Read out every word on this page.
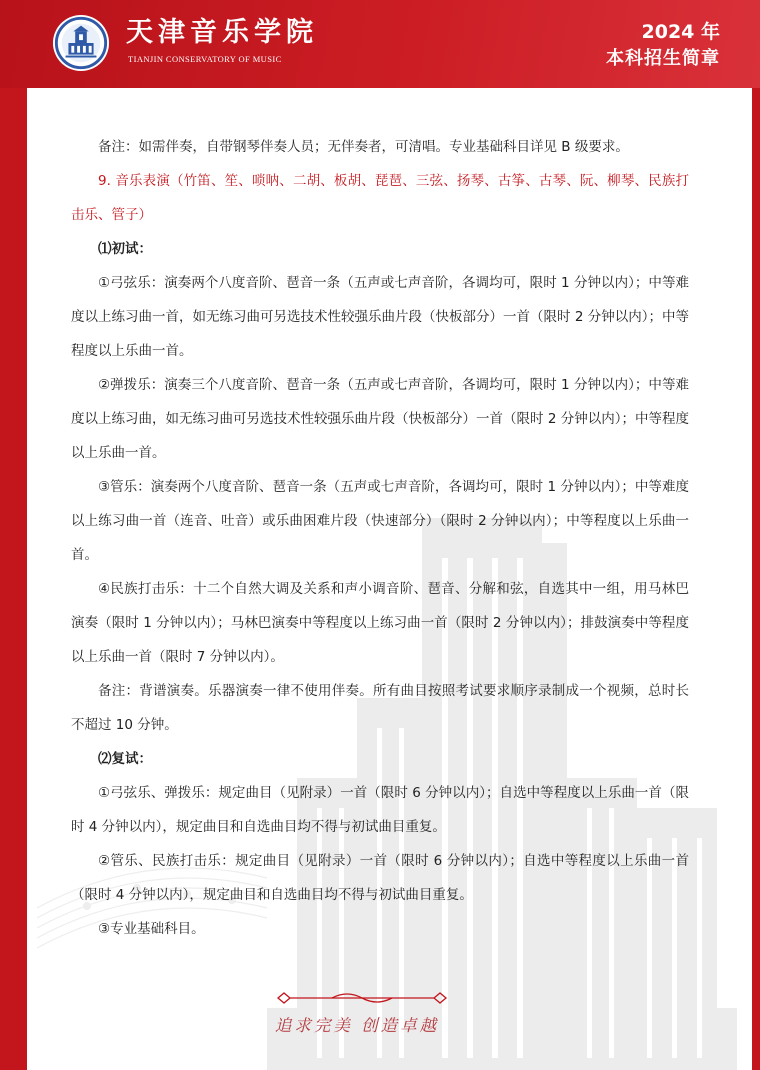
天津音乐学院
TIANJIN CONSERVATORY OF MUSIC
2024 年
本科招生简章

备注：如需伴奏，自带钢琴伴奏人员；无伴奏者，可清唱。专业基础科目详见 B 级要求。

9. 音乐表演（竹笛、笙、唢呐、二胡、板胡、琵琶、三弦、扬琴、古筝、古琴、阮、柳琴、民族打击乐、管子）

⑴初试：

①弓弦乐：演奏两个八度音阶、琶音一条（五声或七声音阶，各调均可，限时 1 分钟以内）；中等难度以上练习曲一首，如无练习曲可另选技术性较强乐曲片段（快板部分）一首（限时 2 分钟以内）；中等程度以上乐曲一首。

②弹拨乐：演奏三个八度音阶、琶音一条（五声或七声音阶，各调均可，限时 1 分钟以内）；中等难度以上练习曲，如无练习曲可另选技术性较强乐曲片段（快板部分）一首（限时 2 分钟以内）；中等程度以上乐曲一首。

③管乐：演奏两个八度音阶、琶音一条（五声或七声音阶，各调均可，限时 1 分钟以内）；中等难度以上练习曲一首（连音、吐音）或乐曲困难片段（快速部分）（限时 2 分钟以内）；中等程度以上乐曲一首。

④民族打击乐：十二个自然大调及关系和声小调音阶、琶音、分解和弦，自选其中一组，用马林巴演奏（限时 1 分钟以内）；马林巴演奏中等程度以上练习曲一首（限时 2 分钟以内）；排鼓演奏中等程度以上乐曲一首（限时 7 分钟以内）。

备注：背谱演奏。乐器演奏一律不使用伴奏。所有曲目按照考试要求顺序录制成一个视频，总时长不超过 10 分钟。

⑵复试：

①弓弦乐、弹拨乐：规定曲目（见附录）一首（限时 6 分钟以内）；自选中等程度以上乐曲一首（限时 4 分钟以内），规定曲目和自选曲目均不得与初试曲目重复。

②管乐、民族打击乐：规定曲目（见附录）一首（限时 6 分钟以内）；自选中等程度以上乐曲一首（限时 4 分钟以内），规定曲目和自选曲目均不得与初试曲目重复。

③专业基础科目。

追求完美 创造卓越
